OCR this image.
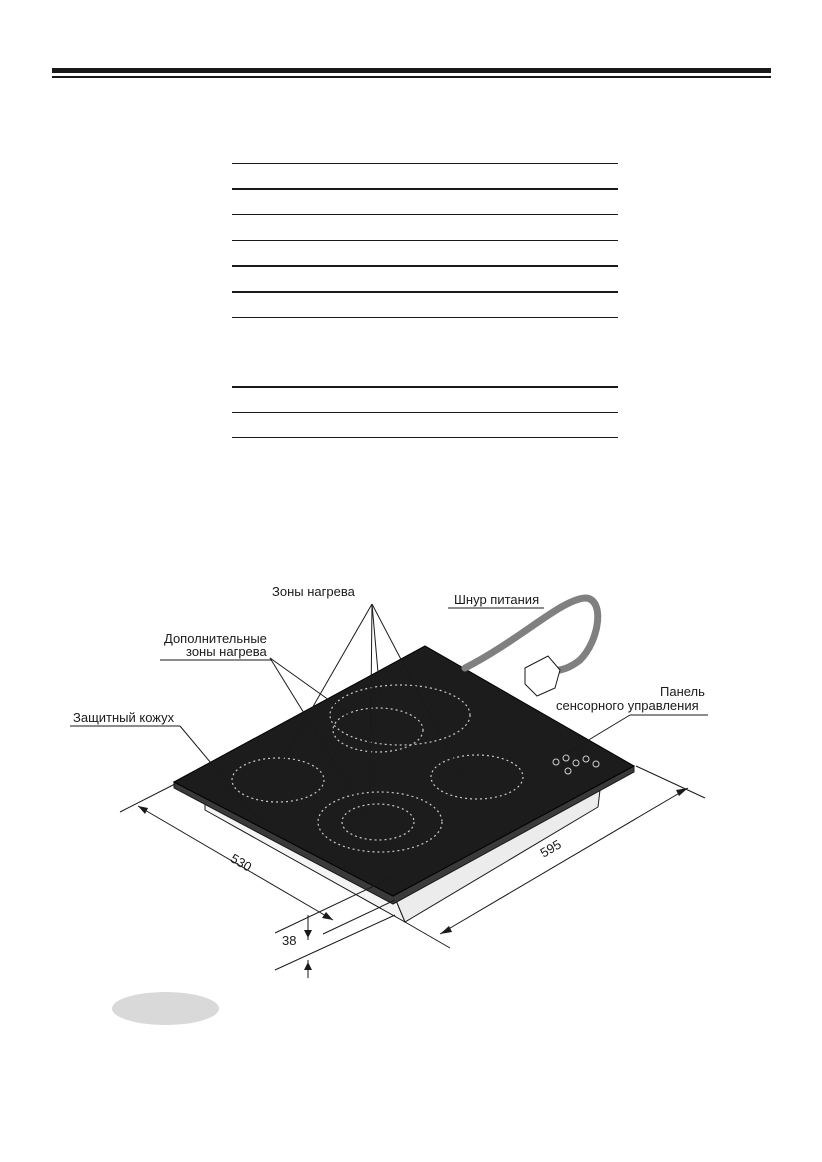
Зоны нагрева
Дополнительные
зоны нагрева
Шнур питания
Панель
сенсорного управления
Защитный кожух
530
595
38
